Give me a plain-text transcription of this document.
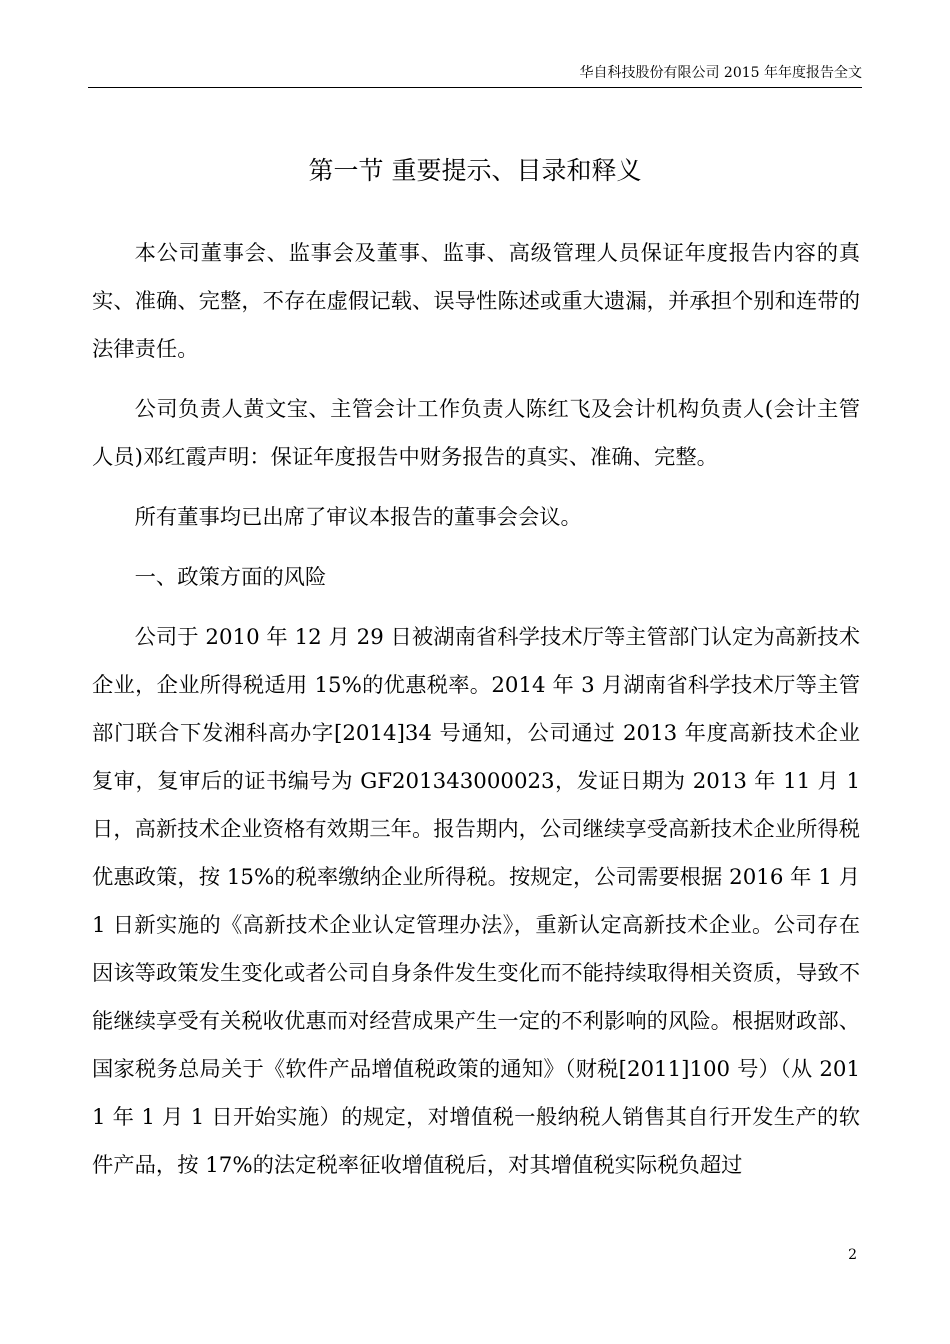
华自科技股份有限公司 2015 年年度报告全文
第一节 重要提示、目录和释义

本公司董事会、监事会及董事、监事、高级管理人员保证年度报告内容的真实、准确、完整，不存在虚假记载、误导性陈述或重大遗漏，并承担个别和连带的法律责任。

公司负责人黄文宝、主管会计工作负责人陈红飞及会计机构负责人(会计主管人员)邓红霞声明：保证年度报告中财务报告的真实、准确、完整。

所有董事均已出席了审议本报告的董事会会议。

一、政策方面的风险

公司于 2010 年 12 月 29 日被湖南省科学技术厅等主管部门认定为高新技术企业，企业所得税适用 15%的优惠税率。2014 年 3 月湖南省科学技术厅等主管部门联合下发湘科高办字[2014]34 号通知，公司通过 2013 年度高新技术企业复审，复审后的证书编号为 GF201343000023，发证日期为 2013 年 11 月 1 日，高新技术企业资格有效期三年。报告期内，公司继续享受高新技术企业所得税优惠政策，按 15%的税率缴纳企业所得税。按规定，公司需要根据 2016 年 1 月 1 日新实施的《高新技术企业认定管理办法》，重新认定高新技术企业。公司存在因该等政策发生变化或者公司自身条件发生变化而不能持续取得相关资质，导致不能继续享受有关税收优惠而对经营成果产生一定的不利影响的风险。根据财政部、国家税务总局关于《软件产品增值税政策的通知》（财税[2011]100 号）（从 2011 年 1 月 1 日开始实施）的规定，对增值税一般纳税人销售其自行开发生产的软件产品，按 17%的法定税率征收增值税后，对其增值税实际税负超过

2
